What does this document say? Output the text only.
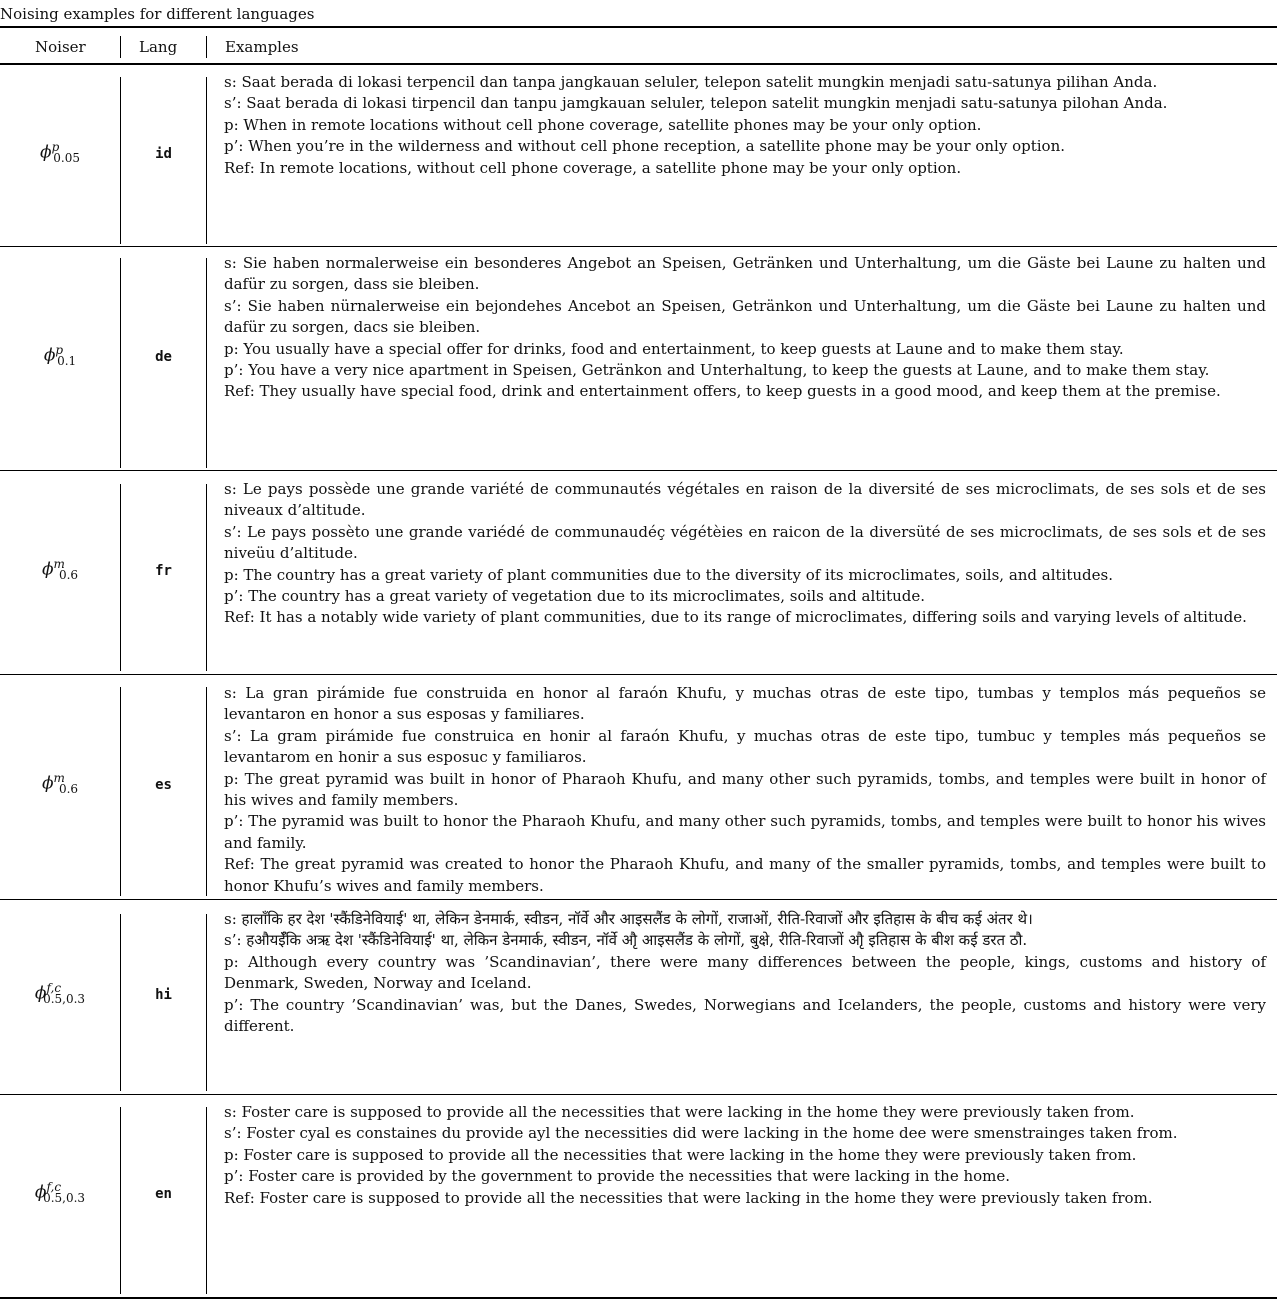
Noising examples for different languages
Noiser	Lang	Examples
$\phi^p_{0.05}$	id
s: Saat berada di lokasi terpencil dan tanpa jangkauan seluler, telepon satelit mungkin menjadi satu-satunya pilihan Anda.
s’: Saat berada di lokasi tirpencil dan tanpu jamgkauan seluler, telepon satelit mungkin menjadi satu-satunya pilohan Anda.
p: When in remote locations without cell phone coverage, satellite phones may be your only option.
p’: When you’re in the wilderness and without cell phone reception, a satellite phone may be your only option.
Ref: In remote locations, without cell phone coverage, a satellite phone may be your only option.
$\phi^p_{0.1}$	de
s: Sie haben normalerweise ein besonderes Angebot an Speisen, Getränken und Unterhaltung, um die Gäste bei Laune zu halten und dafür zu sorgen, dass sie bleiben.
s’: Sie haben nürnalerweise ein bejondehes Ancebot an Speisen, Getränkon und Unterhaltung, um die Gäste bei Laune zu halten und dafür zu sorgen, dacs sie bleiben.
p: You usually have a special offer for drinks, food and entertainment, to keep guests at Laune and to make them stay.
p’: You have a very nice apartment in Speisen, Getränkon and Unterhaltung, to keep the guests at Laune, and to make them stay.
Ref: They usually have special food, drink and entertainment offers, to keep guests in a good mood, and keep them at the premise.
$\phi^m_{0.6}$	fr
s: Le pays possède une grande variété de communautés végétales en raison de la diversité de ses microclimats, de ses sols et de ses niveaux d’altitude.
s’: Le pays possèto une grande variédé de communaudéç végétèies en raicon de la diversüté de ses microclimats, de ses sols et de ses niveüu d’altitude.
p: The country has a great variety of plant communities due to the diversity of its microclimates, soils, and altitudes.
p’: The country has a great variety of vegetation due to its microclimates, soils and altitude.
Ref: It has a notably wide variety of plant communities, due to its range of microclimates, differing soils and varying levels of altitude.
$\phi^m_{0.6}$	es
s: La gran pirámide fue construida en honor al faraón Khufu, y muchas otras de este tipo, tumbas y templos más pequeños se levantaron en honor a sus esposas y familiares.
s’: La gram pirámide fue construica en honir al faraón Khufu, y muchas otras de este tipo, tumbuc y temples más pequeños se levantarom en honir a sus esposuc y familiaros.
p: The great pyramid was built in honor of Pharaoh Khufu, and many other such pyramids, tombs, and temples were built in honor of his wives and family members.
p’: The pyramid was built to honor the Pharaoh Khufu, and many other such pyramids, tombs, and temples were built to honor his wives and family.
Ref: The great pyramid was created to honor the Pharaoh Khufu, and many of the smaller pyramids, tombs, and temples were built to honor Khufu’s wives and family members.
$\phi^{f,c}_{0.5,0.3}$	hi
s: हालाँकि हर देश 'स्कैंडिनेवियाई' था, लेकिन डेनमार्क, स्वीडन, नॉर्वे और आइसलैंड के लोगों, राजाओं, रीति-रिवाजों और इतिहास के बीच कई अंतर थे।
s’: हऔयईँकि अऋ देश 'स्कैंडिनेवियाई' था, लेकिन डेनमार्क, स्वीडन, नॉर्वे औृ आइसलैंड के लोगों, बुक्षे, रीति-रिवाजों औृ इतिहास के बीश कई डरत ठौ.
p: Although every country was ’Scandinavian’, there were many differences between the people, kings, customs and history of Denmark, Sweden, Norway and Iceland.
p’: The country ’Scandinavian’ was, but the Danes, Swedes, Norwegians and Icelanders, the people, customs and history were very different.
$\phi^{f,c}_{0.5,0.3}$	en
s: Foster care is supposed to provide all the necessities that were lacking in the home they were previously taken from.
s’: Foster cyal es constaines du provide ayl the necessities did were lacking in the home dee were smenstrainges taken from.
p: Foster care is supposed to provide all the necessities that were lacking in the home they were previously taken from.
p’: Foster care is provided by the government to provide the necessities that were lacking in the home.
Ref: Foster care is supposed to provide all the necessities that were lacking in the home they were previously taken from.
